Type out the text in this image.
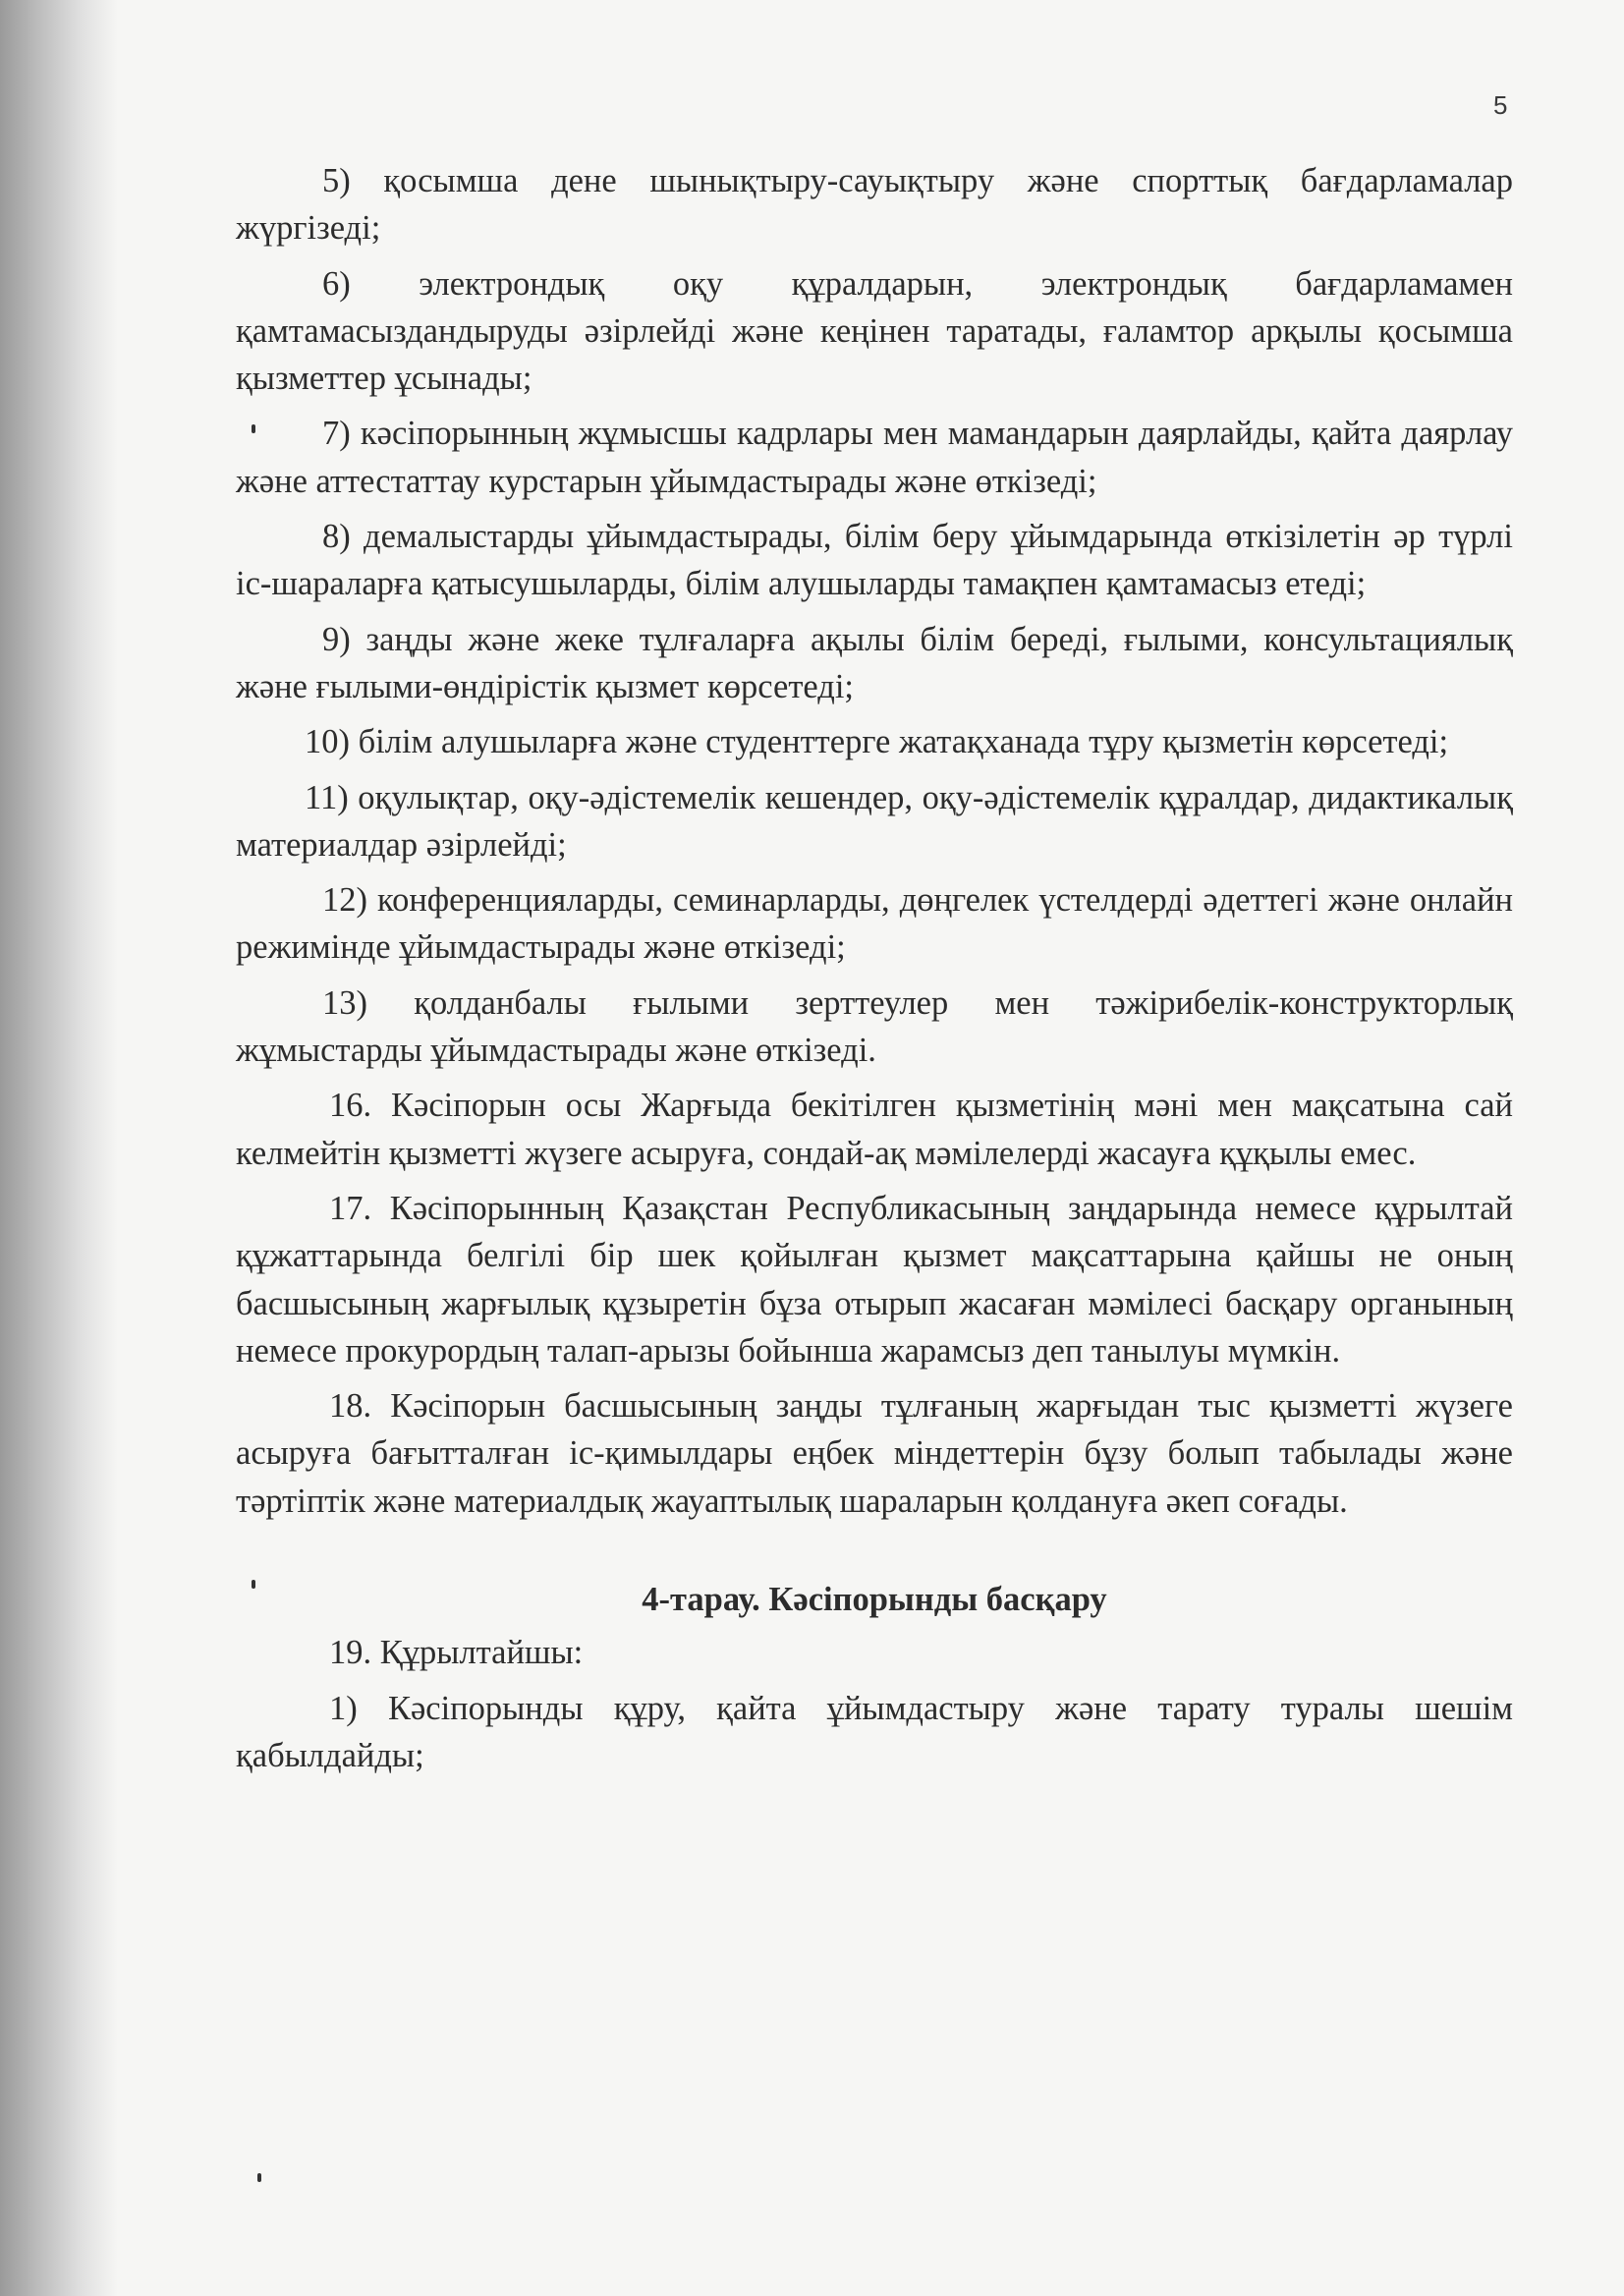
5

5) қосымша дене шынықтыру-сауықтыру және спорттық бағдарламалар жүргізеді;

6) электрондық оқу құралдарын, электрондық бағдарламамен қамтамасыздандыруды әзірлейді және кеңінен таратады, ғаламтор арқылы қосымша қызметтер ұсынады;

7) кәсіпорынның жұмысшы кадрлары мен мамандарын даярлайды, қайта даярлау және аттестаттау курстарын ұйымдастырады және өткізеді;

8) демалыстарды ұйымдастырады, білім беру ұйымдарында өткізілетін әр түрлі іс-шараларға қатысушыларды, білім алушыларды тамақпен қамтамасыз етеді;

9) заңды және жеке тұлғаларға ақылы білім береді, ғылыми, консультациялық және ғылыми-өндірістік қызмет көрсетеді;

10) білім алушыларға және студенттерге жатақханада тұру қызметін көрсетеді;

11) оқулықтар, оқу-әдістемелік кешендер, оқу-әдістемелік құралдар, дидактикалық материалдар әзірлейді;

12) конференцияларды, семинарларды, дөңгелек үстелдерді әдеттегі және онлайн режимінде ұйымдастырады және өткізеді;

13) қолданбалы ғылыми зерттеулер мен тәжірибелік-конструкторлық жұмыстарды ұйымдастырады және өткізеді.

16. Кәсіпорын осы Жарғыда бекітілген қызметінің мәні мен мақсатына сай келмейтін қызметті жүзеге асыруға, сондай-ақ мәмілелерді жасауға құқылы емес.

17. Кәсіпорынның Қазақстан Республикасының заңдарында немесе құрылтай құжаттарында белгілі бір шек қойылған қызмет мақсаттарына қайшы не оның басшысының жарғылық құзыретін бұза отырып жасаған мәмілесі басқару органының немесе прокурордың талап-арызы бойынша жарамсыз деп танылуы мүмкін.

18. Кәсіпорын басшысының заңды тұлғаның жарғыдан тыс қызметті жүзеге асыруға бағытталған іс-қимылдары еңбек міндеттерін бұзу болып табылады және тәртіптік және материалдық жауаптылық шараларын қолдануға әкеп соғады.

4-тарау. Кәсіпорынды басқару

19. Құрылтайшы:

1) Кәсіпорынды құру, қайта ұйымдастыру және тарату туралы шешім қабылдайды;
